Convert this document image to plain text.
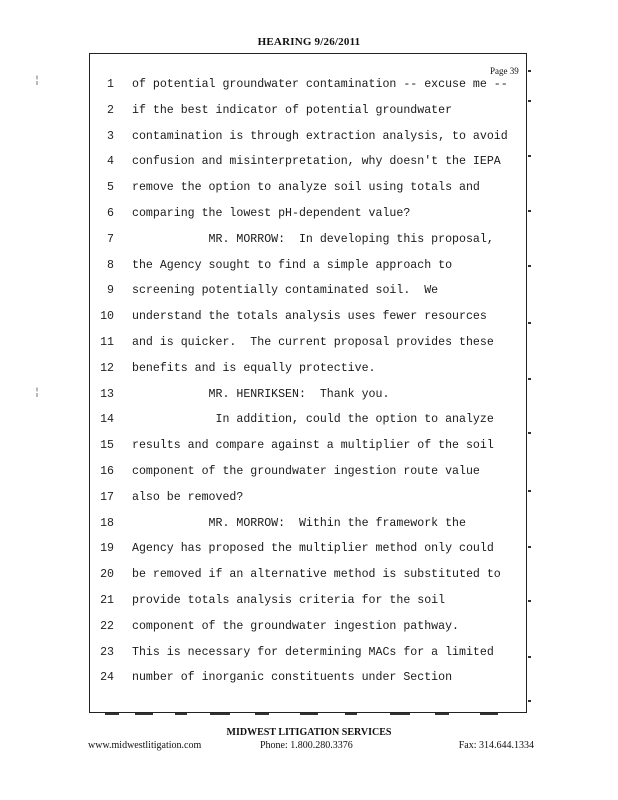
HEARING 9/26/2011
Page 39
1 of potential groundwater contamination -- excuse me --
2 if the best indicator of potential groundwater
3 contamination is through extraction analysis, to avoid
4 confusion and misinterpretation, why doesn't the IEPA
5 remove the option to analyze soil using totals and
6 comparing the lowest pH-dependent value?
7 MR. MORROW:  In developing this proposal,
8 the Agency sought to find a simple approach to
9 screening potentially contaminated soil.  We
10 understand the totals analysis uses fewer resources
11 and is quicker.  The current proposal provides these
12 benefits and is equally protective.
13 MR. HENRIKSEN:  Thank you.
14 In addition, could the option to analyze
15 results and compare against a multiplier of the soil
16 component of the groundwater ingestion route value
17 also be removed?
18 MR. MORROW:  Within the framework the
19 Agency has proposed the multiplier method only could
20 be removed if an alternative method is substituted to
21 provide totals analysis criteria for the soil
22 component of the groundwater ingestion pathway.
23 This is necessary for determining MACs for a limited
24 number of inorganic constituents under Section
¦
¦
MIDWEST LITIGATION SERVICES
www.midwestlitigation.com	Phone: 1.800.280.3376	Fax: 314.644.1334
